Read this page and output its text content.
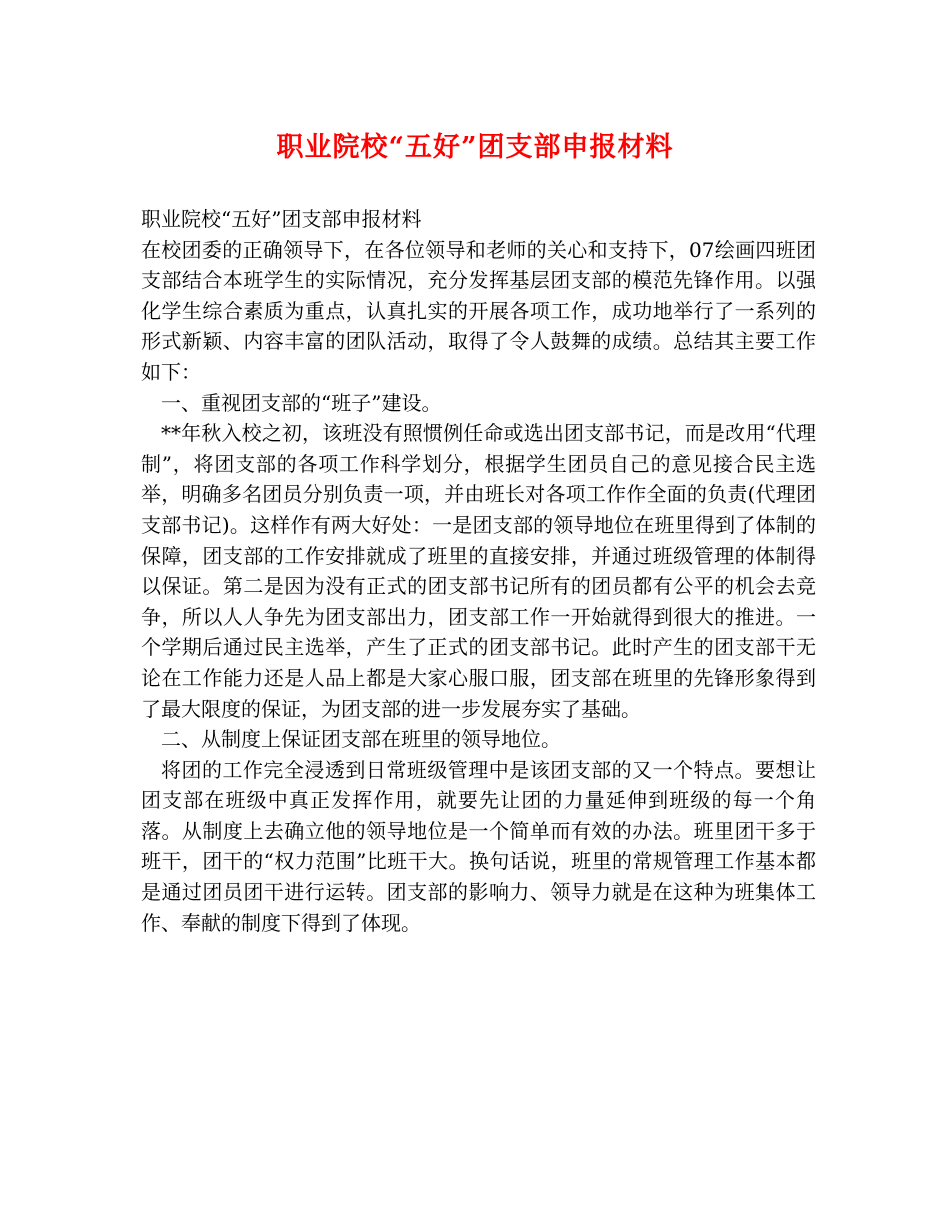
职业院校“五好”团支部申报材料

职业院校“五好”团支部申报材料

在校团委的正确领导下，在各位领导和老师的关心和支持下，07绘画四班团支部结合本班学生的实际情况，充分发挥基层团支部的模范先锋作用。以强化学生综合素质为重点，认真扎实的开展各项工作，成功地举行了一系列的形式新颖、内容丰富的团队活动，取得了令人鼓舞的成绩。总结其主要工作如下：

一、重视团支部的“班子”建设。

**年秋入校之初，该班没有照惯例任命或选出团支部书记，而是改用“代理制”，将团支部的各项工作科学划分，根据学生团员自己的意见接合民主选举，明确多名团员分别负责一项，并由班长对各项工作作全面的负责(代理团支部书记)。这样作有两大好处：一是团支部的领导地位在班里得到了体制的保障，团支部的工作安排就成了班里的直接安排，并通过班级管理的体制得以保证。第二是因为没有正式的团支部书记所有的团员都有公平的机会去竞争，所以人人争先为团支部出力，团支部工作一开始就得到很大的推进。一个学期后通过民主选举，产生了正式的团支部书记。此时产生的团支部干无论在工作能力还是人品上都是大家心服口服，团支部在班里的先锋形象得到了最大限度的保证，为团支部的进一步发展夯实了基础。

二、从制度上保证团支部在班里的领导地位。

将团的工作完全浸透到日常班级管理中是该团支部的又一个特点。要想让团支部在班级中真正发挥作用，就要先让团的力量延伸到班级的每一个角落。从制度上去确立他的领导地位是一个简单而有效的办法。班里团干多于班干，团干的“权力范围”比班干大。换句话说，班里的常规管理工作基本都是通过团员团干进行运转。团支部的影响力、领导力就是在这种为班集体工作、奉献的制度下得到了体现。
